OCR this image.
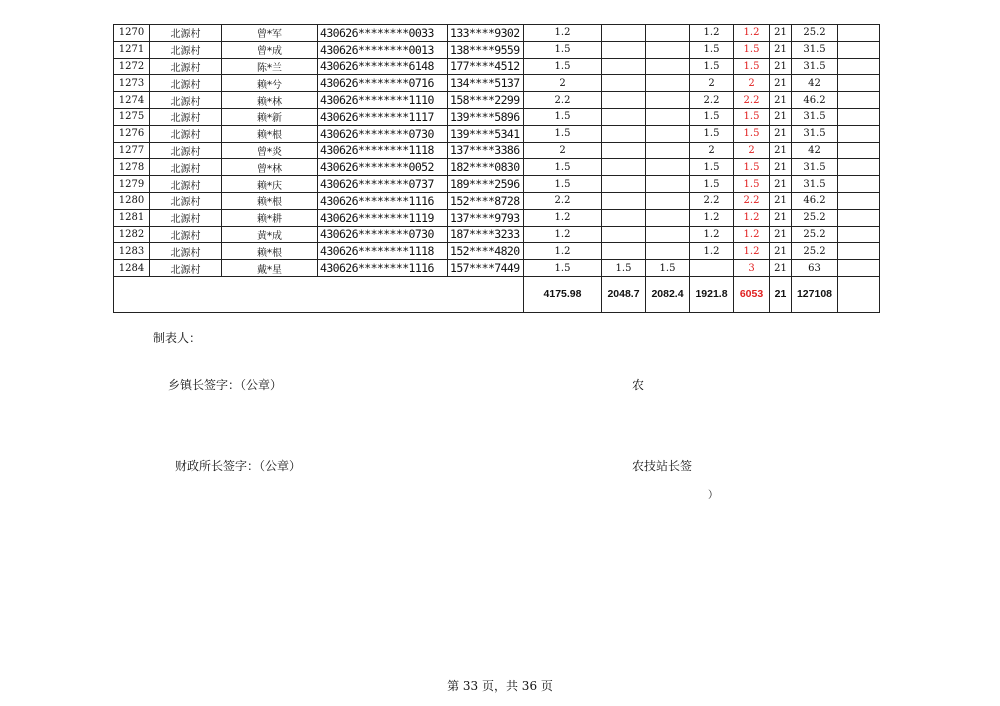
1270	北源村	曾*军	430626********0033	133****9302	1.2			1.2	1.2	21	25.2	
1271	北源村	曾*成	430626********0013	138****9559	1.5			1.5	1.5	21	31.5	
1272	北源村	陈*兰	430626********6148	177****4512	1.5			1.5	1.5	21	31.5	
1273	北源村	赖*兮	430626********0716	134****5137	2			2	2	21	42	
1274	北源村	赖*林	430626********1110	158****2299	2.2			2.2	2.2	21	46.2	
1275	北源村	赖*新	430626********1117	139****5896	1.5			1.5	1.5	21	31.5	
1276	北源村	赖*根	430626********0730	139****5341	1.5			1.5	1.5	21	31.5	
1277	北源村	曾*炎	430626********1118	137****3386	2			2	2	21	42	
1278	北源村	曾*林	430626********0052	182****0830	1.5			1.5	1.5	21	31.5	
1279	北源村	赖*庆	430626********0737	189****2596	1.5			1.5	1.5	21	31.5	
1280	北源村	赖*根	430626********1116	152****8728	2.2			2.2	2.2	21	46.2	
1281	北源村	赖*耕	430626********1119	137****9793	1.2			1.2	1.2	21	25.2	
1282	北源村	黄*成	430626********0730	187****3233	1.2			1.2	1.2	21	25.2	
1283	北源村	赖*根	430626********1118	152****4820	1.2			1.2	1.2	21	25.2	
1284	北源村	戴*星	430626********1116	157****7449	1.5	1.5	1.5		3	21	63	
					4175.98	2048.7	2082.4	1921.8	6053	21	127108	
制表人：
乡镇长签字：（公章）	农
财政所长签字：（公章）	农技站长签
）
第 33 页，共 36 页
